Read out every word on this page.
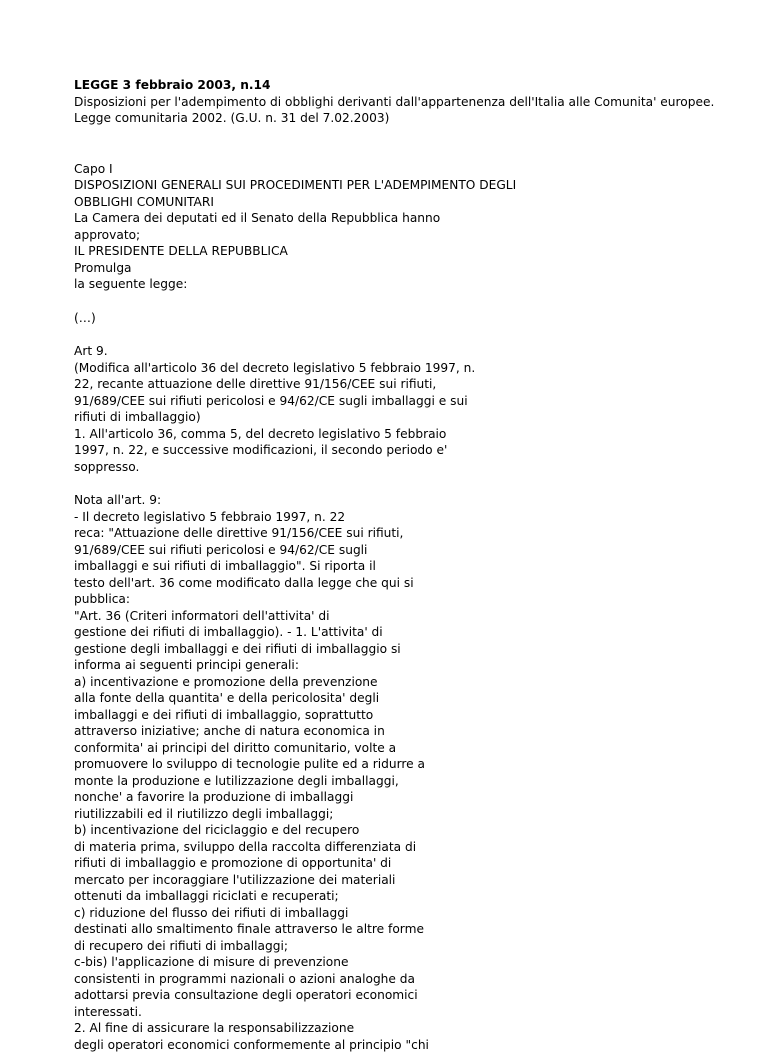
LEGGE 3 febbraio 2003, n.14
Disposizioni per l'adempimento di obblighi derivanti dall'appartenenza dell'Italia alle Comunita' europee.
Legge comunitaria 2002. (G.U. n. 31 del 7.02.2003)
Capo I
DISPOSIZIONI GENERALI SUI PROCEDIMENTI PER L'ADEMPIMENTO DEGLI
OBBLIGHI COMUNITARI
La Camera dei deputati ed il Senato della Repubblica hanno
approvato;
IL PRESIDENTE DELLA REPUBBLICA
Promulga
la seguente legge:
(…)
Art 9.
(Modifica all'articolo 36 del decreto legislativo 5 febbraio 1997, n.
22, recante attuazione delle direttive 91/156/CEE sui rifiuti,
91/689/CEE sui rifiuti pericolosi e 94/62/CE sugli imballaggi e sui
rifiuti di imballaggio)
1. All'articolo 36, comma 5, del decreto legislativo 5 febbraio
1997, n. 22, e successive modificazioni, il secondo periodo e'
soppresso.
Nota all'art. 9:
- Il decreto legislativo 5 febbraio 1997, n. 22
reca: "Attuazione delle direttive 91/156/CEE sui rifiuti,
91/689/CEE sui rifiuti pericolosi e 94/62/CE sugli
imballaggi e sui rifiuti di imballaggio". Si riporta il
testo dell'art. 36 come modificato dalla legge che qui si
pubblica:
"Art. 36 (Criteri informatori dell'attivita' di
gestione dei rifiuti di imballaggio). - 1. L'attivita' di
gestione degli imballaggi e dei rifiuti di imballaggio si
informa ai seguenti principi generali:
a) incentivazione e promozione della prevenzione
alla fonte della quantita' e della pericolosita' degli
imballaggi e dei rifiuti di imballaggio, soprattutto
attraverso iniziative; anche di natura economica in
conformita' ai principi del diritto comunitario, volte a
promuovere lo sviluppo di tecnologie pulite ed a ridurre a
monte la produzione e lutilizzazione degli imballaggi,
nonche' a favorire la produzione di imballaggi
riutilizzabili ed il riutilizzo degli imballaggi;
b) incentivazione del riciclaggio e del recupero
di materia prima, sviluppo della raccolta differenziata di
rifiuti di imballaggio e promozione di opportunita' di
mercato per incoraggiare l'utilizzazione dei materiali
ottenuti da imballaggi riciclati e recuperati;
c) riduzione del flusso dei rifiuti di imballaggi
destinati allo smaltimento finale attraverso le altre forme
di recupero dei rifiuti di imballaggi;
c-bis) l'applicazione di misure di prevenzione
consistenti in programmi nazionali o azioni analoghe da
adottarsi previa consultazione degli operatori economici
interessati.
2. Al fine di assicurare la responsabilizzazione
degli operatori economici conformemente al principio "chi
